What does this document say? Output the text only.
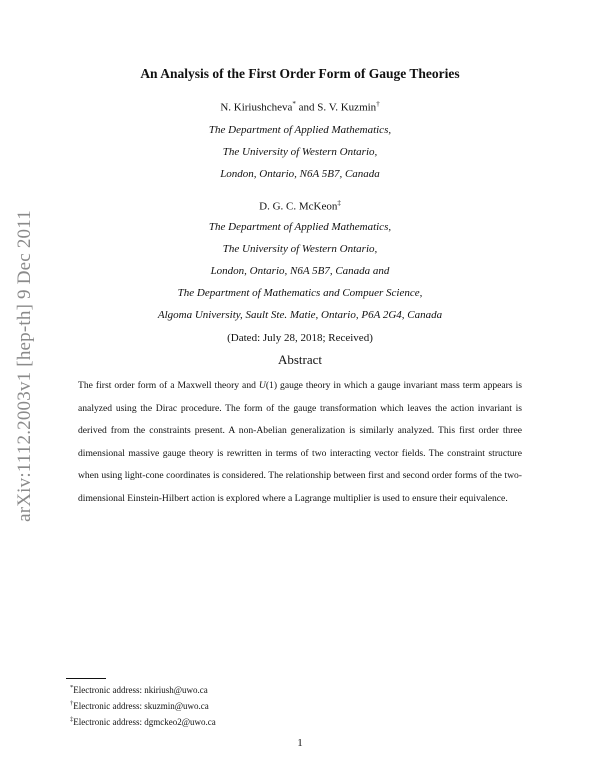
arXiv:1112.2003v1 [hep-th] 9 Dec 2011
An Analysis of the First Order Form of Gauge Theories
N. Kiriushcheva* and S. V. Kuzmin†
The Department of Applied Mathematics,
The University of Western Ontario,
London, Ontario, N6A 5B7, Canada
D. G. C. McKeon‡
The Department of Applied Mathematics,
The University of Western Ontario,
London, Ontario, N6A 5B7, Canada and
The Department of Mathematics and Compuer Science,
Algoma University, Sault Ste. Matie, Ontario, P6A 2G4, Canada
(Dated: July 28, 2018; Received)
Abstract

The first order form of a Maxwell theory and U(1) gauge theory in which a gauge invariant mass term appears is analyzed using the Dirac procedure. The form of the gauge transformation which leaves the action invariant is derived from the constraints present. A non-Abelian generalization is similarly analyzed. This first order three dimensional massive gauge theory is rewritten in terms of two interacting vector fields. The constraint structure when using light-cone coordinates is considered. The relationship between first and second order forms of the two-dimensional Einstein-Hilbert action is explored where a Lagrange multiplier is used to ensure their equivalence.

*Electronic address: nkiriush@uwo.ca
†Electronic address: skuzmin@uwo.ca
‡Electronic address: dgmckeo2@uwo.ca
1
